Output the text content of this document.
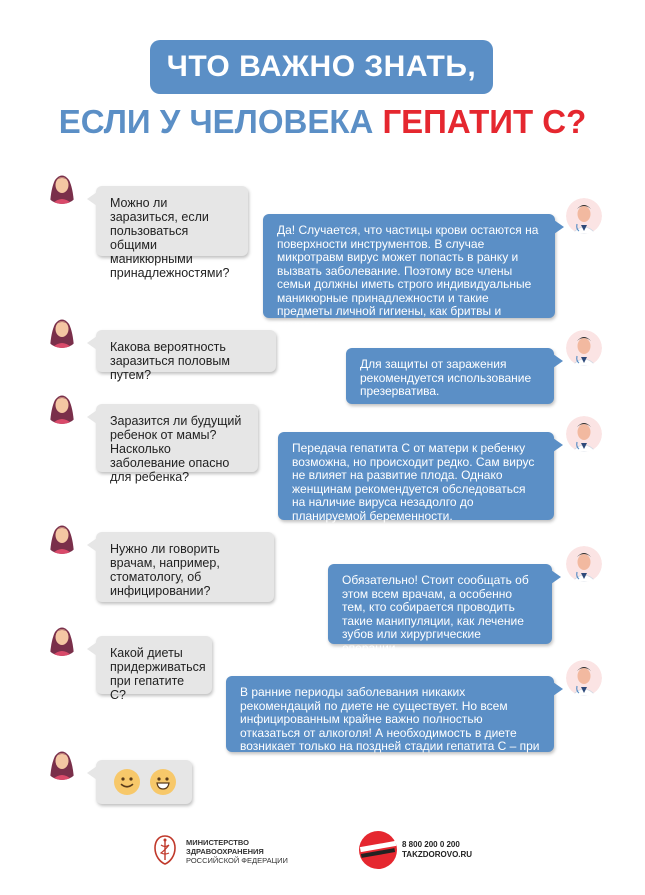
ЧТО ВАЖНО ЗНАТЬ,
ЕСЛИ У ЧЕЛОВЕКА ГЕПАТИТ С?
Можно ли заразиться, если пользоваться общими маникюрными принадлежностями?
Да! Случается, что частицы крови остаются на поверхности инструментов. В случае микротравм вирус может попасть в ранку и вызвать заболевание. Поэтому все члены семьи должны иметь строго индивидуальные маникюрные принадлежности и такие предметы личной гигиены, как бритвы и пинцеты.
Какова вероятность заразиться половым путем?
Для защиты от заражения рекомендуется использование презерватива.
Заразится ли будущий ребенок от мамы? Насколько заболевание опасно для ребенка?
Передача гепатита С от матери к ребенку возможна, но происходит редко. Сам вирус не влияет на развитие плода. Однако женщинам рекомендуется обследоваться на наличие вируса незадолго до планируемой беременности.
Нужно ли говорить врачам, например, стоматологу, об инфицировании?
Обязательно! Стоит сообщать об этом всем врачам, а особенно тем, кто собирается проводить такие манипуляции, как лечение зубов или хирургические операции.
Какой диеты придерживаться при гепатите С?	В ранние периоды заболевания никаких рекомендаций по диете не существует. Но всем инфицированным крайне важно полностью отказаться от алкоголя! А необходимость в диете возникает только на поздней стадии гепатита С – при циррозе печени.
МИНИСТЕРСТВО
ЗДРАВООХРАНЕНИЯ
РОССИЙСКОЙ ФЕДЕРАЦИИ
8 800 200 0 200
TAKZDOROVO.RU
